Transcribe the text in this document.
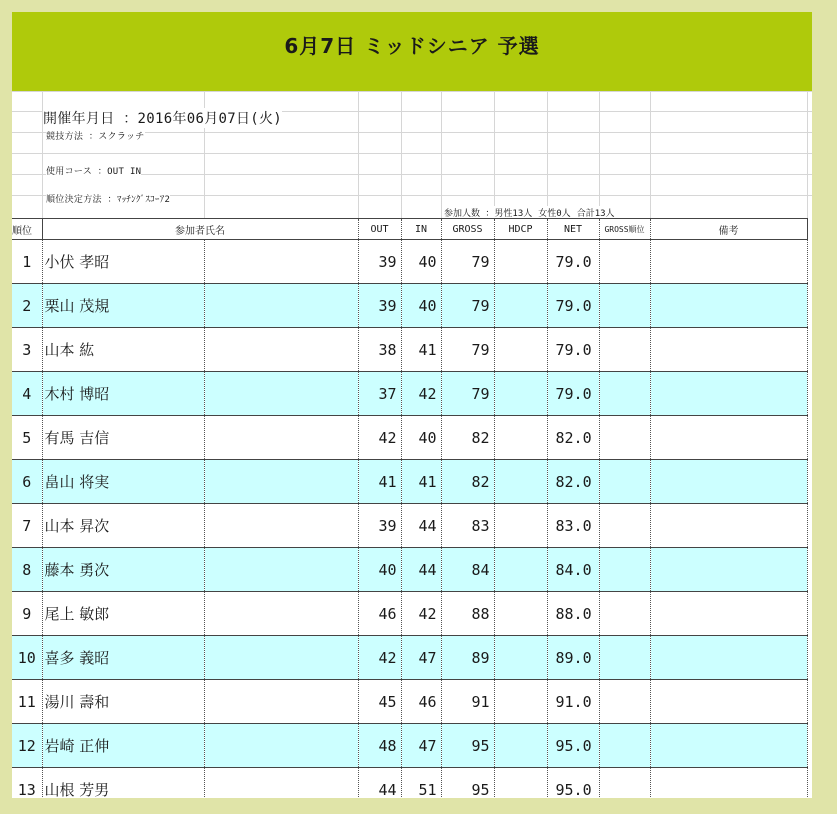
6月7日 ミッドシニア 予選
開催年月日 ：2016年06月07日(火)
競技方法 ：スクラッチ
使用コース ：OUT IN
順位決定方法 ：ﾏｯﾁﾝｸﾞｽｺｰｱ2
参加人数 ：男性13人 女性0人 合計13人
順位	参加者氏名		OUT	IN	GROSS	HDCP	NET	GROSS順位	備考
1	小伏 孝昭		39	40	79		79.0		
2	栗山 茂規		39	40	79		79.0		
3	山本 紘		38	41	79		79.0		
4	木村 博昭		37	42	79		79.0		
5	有馬 吉信		42	40	82		82.0		
6	畠山 将実		41	41	82		82.0		
7	山本 昇次		39	44	83		83.0		
8	藤本 勇次		40	44	84		84.0		
9	尾上 敏郎		46	42	88		88.0		
10	喜多 義昭		42	47	89		89.0		
11	湯川 壽和		45	46	91		91.0		
12	岩崎 正伸		48	47	95		95.0		
13	山根 芳男		44	51	95		95.0		
